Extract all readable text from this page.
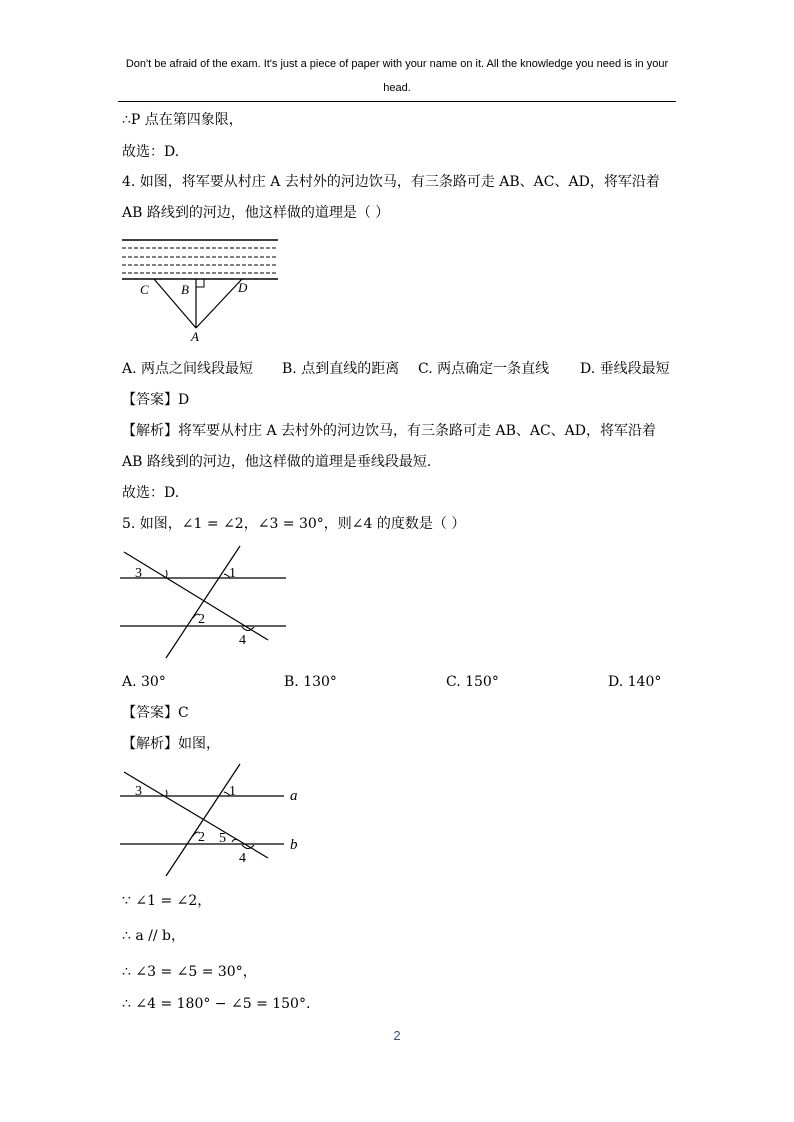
Don't be afraid of the exam. It's just a piece of paper with your name on it. All the knowledge you need is in your
head.
∴P 点在第四象限，
故选：D.
4. 如图，将军要从村庄 A 去村外的河边饮马，有三条路可走 AB、AC、AD，将军沿着
AB 路线到的河边，他这样做的道理是（ ）
C B	D
A
A. 两点之间线段最短 B. 点到直线的距离 C. 两点确定一条直线 D. 垂线段最短
【答案】D
【解析】将军要从村庄 A 去村外的河边饮马，有三条路可走 AB、AC、AD，将军沿着
AB 路线到的河边，他这样做的道理是垂线段最短.
故选：D.
5. 如图，∠1 = ∠2，∠3 = 30°，则∠4 的度数是（ ）
3	1
2
4
A. 30°	B. 130°	C. 150°	D. 140°
【答案】C
【解析】如图，
3	1
2 5
4
a
b
∵ ∠1 = ∠2，
∴ a // b，
∴ ∠3 = ∠5 = 30°，
∴ ∠4 = 180° − ∠5 = 150°.
2
